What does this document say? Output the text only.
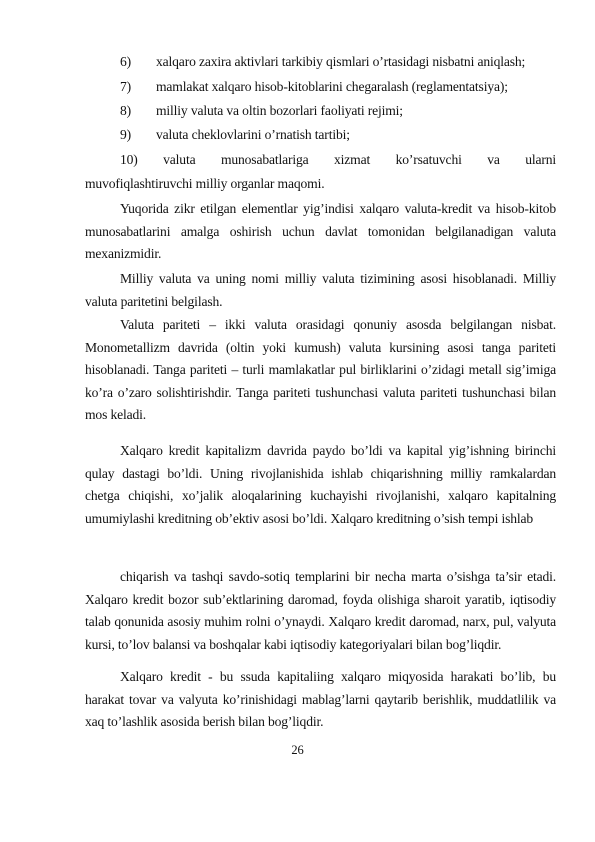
6) xalqaro zaxira aktivlari tarkibiy qismlari o’rtasidagi nisbatni aniqlash;
7) mamlakat xalqaro hisob-kitoblarini chegaralash (reglamentatsiya);
8) milliy valuta va oltin bozorlari faoliyati rejimi;
9) valuta cheklovlarini o’rnatish tartibi;
10) valuta munosabatlariga xizmat ko’rsatuvchi va ularni
muvofiqlashtiruvchi milliy organlar maqomi.
Yuqorida zikr etilgan elementlar yig’indisi xalqaro valuta-kredit va hisob-kitob munosabatlarini amalga oshirish uchun davlat tomonidan belgilanadigan valuta mexanizmidir.
Milliy valuta va uning nomi milliy valuta tizimining asosi hisoblanadi. Milliy valuta paritetini belgilash.
Valuta pariteti – ikki valuta orasidagi qonuniy asosda belgilangan nisbat. Monometallizm davrida (oltin yoki kumush) valuta kursining asosi tanga pariteti hisoblanadi. Tanga pariteti – turli mamlakatlar pul birliklarini o’zidagi metall sig’imiga ko’ra o’zaro solishtirishdir. Tanga pariteti tushunchasi valuta pariteti tushunchasi bilan mos keladi.
Xalqaro kredit kapitalizm davrida paydo bo’ldi va kapital yig’ishning birinchi qulay dastagi bo’ldi. Uning rivojlanishida ishlab chiqarishning milliy ramkalardan chetga chiqishi, xo’jalik aloqalarining kuchayishi rivojlanishi, xalqaro kapitalning umumiylashi kreditning ob’ektiv asosi bo’ldi. Xalqaro kreditning o’sish tempi ishlab
chiqarish va tashqi savdo-sotiq templarini bir necha marta o’sishga ta’sir etadi. Xalqaro kredit bozor sub’ektlarining daromad, foyda olishiga sharoit yaratib, iqtisodiy talab qonunida asosiy muhim rolni o’ynaydi. Xalqaro kredit daromad, narx, pul, valyuta kursi, to’lov balansi va boshqalar kabi iqtisodiy kategoriyalari bilan bog’liqdir.
Xalqaro kredit - bu ssuda kapitaliing xalqaro miqyosida harakati bo’lib, bu harakat tovar va valyuta ko’rinishidagi mablag’larni qaytarib berishlik, muddatlilik va xaq to’lashlik asosida berish bilan bog’liqdir.
26
